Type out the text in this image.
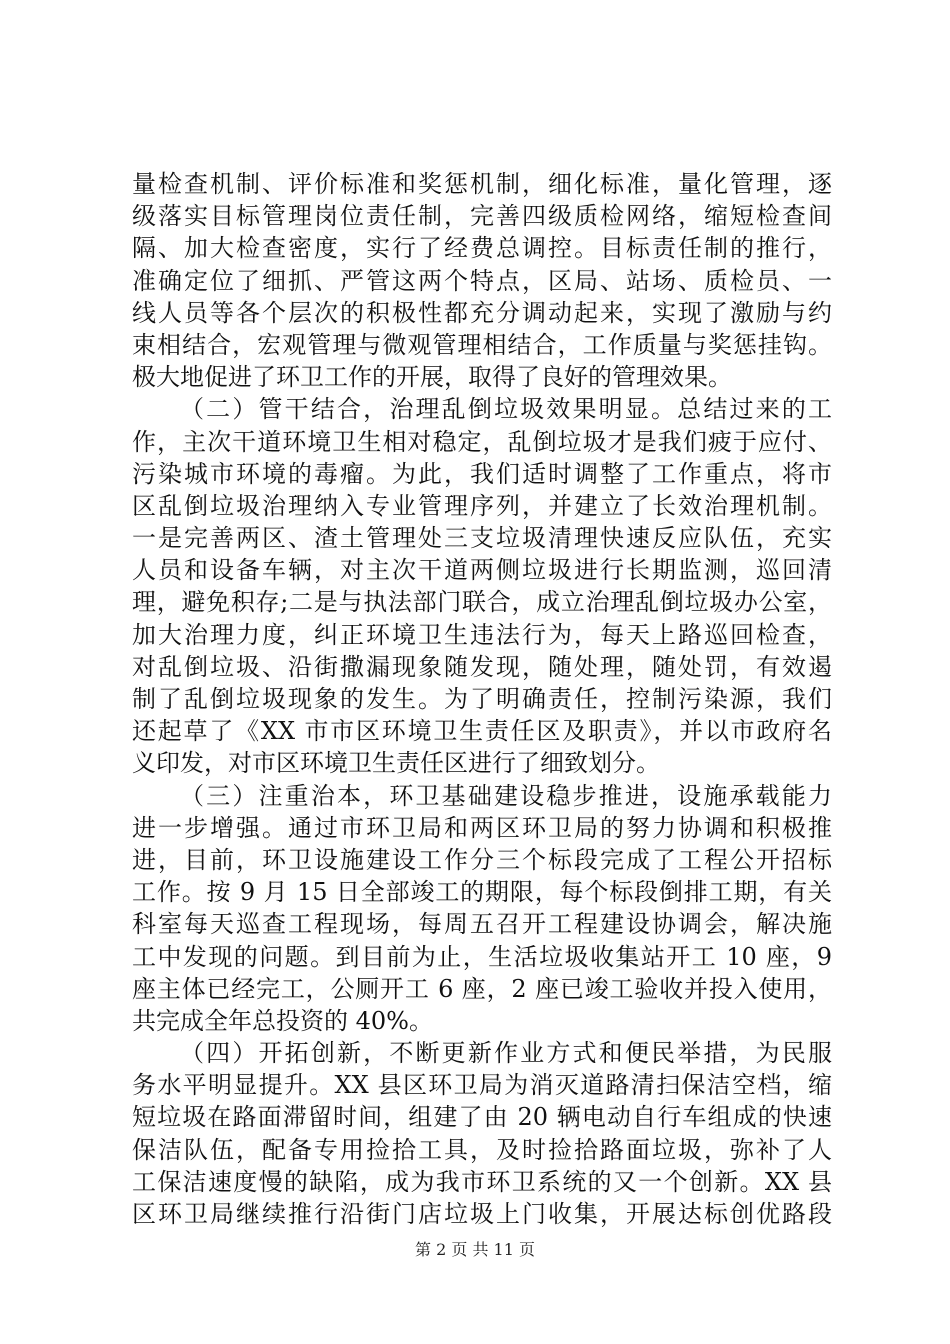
量检查机制、评价标准和奖惩机制，细化标准，量化管理，逐
级落实目标管理岗位责任制，完善四级质检网络，缩短检查间
隔、加大检查密度，实行了经费总调控。目标责任制的推行，
准确定位了细抓、严管这两个特点，区局、站场、质检员、一
线人员等各个层次的积极性都充分调动起来，实现了激励与约
束相结合，宏观管理与微观管理相结合，工作质量与奖惩挂钩。
极大地促进了环卫工作的开展，取得了良好的管理效果。
（二）管干结合，治理乱倒垃圾效果明显。总结过来的工
作，主次干道环境卫生相对稳定，乱倒垃圾才是我们疲于应付、
污染城市环境的毒瘤。为此，我们适时调整了工作重点，将市
区乱倒垃圾治理纳入专业管理序列，并建立了长效治理机制。
一是完善两区、渣土管理处三支垃圾清理快速反应队伍，充实
人员和设备车辆，对主次干道两侧垃圾进行长期监测，巡回清
理，避免积存;二是与执法部门联合，成立治理乱倒垃圾办公室，
加大治理力度，纠正环境卫生违法行为，每天上路巡回检查，
对乱倒垃圾、沿街撒漏现象随发现，随处理，随处罚，有效遏
制了乱倒垃圾现象的发生。为了明确责任，控制污染源，我们
还起草了《XX 市市区环境卫生责任区及职责》，并以市政府名
义印发，对市区环境卫生责任区进行了细致划分。
（三）注重治本，环卫基础建设稳步推进，设施承载能力
进一步增强。通过市环卫局和两区环卫局的努力协调和积极推
进，目前，环卫设施建设工作分三个标段完成了工程公开招标
工作。按 9 月 15 日全部竣工的期限，每个标段倒排工期，有关
科室每天巡查工程现场，每周五召开工程建设协调会，解决施
工中发现的问题。到目前为止，生活垃圾收集站开工 10 座，9
座主体已经完工，公厕开工 6 座，2 座已竣工验收并投入使用，
共完成全年总投资的 40%。
（四）开拓创新，不断更新作业方式和便民举措，为民服
务水平明显提升。XX 县区环卫局为消灭道路清扫保洁空档，缩
短垃圾在路面滞留时间，组建了由 20 辆电动自行车组成的快速
保洁队伍，配备专用捡拾工具，及时捡拾路面垃圾，弥补了人
工保洁速度慢的缺陷，成为我市环卫系统的又一个创新。XX 县
区环卫局继续推行沿街门店垃圾上门收集，开展达标创优路段
第 2 页 共 11 页
